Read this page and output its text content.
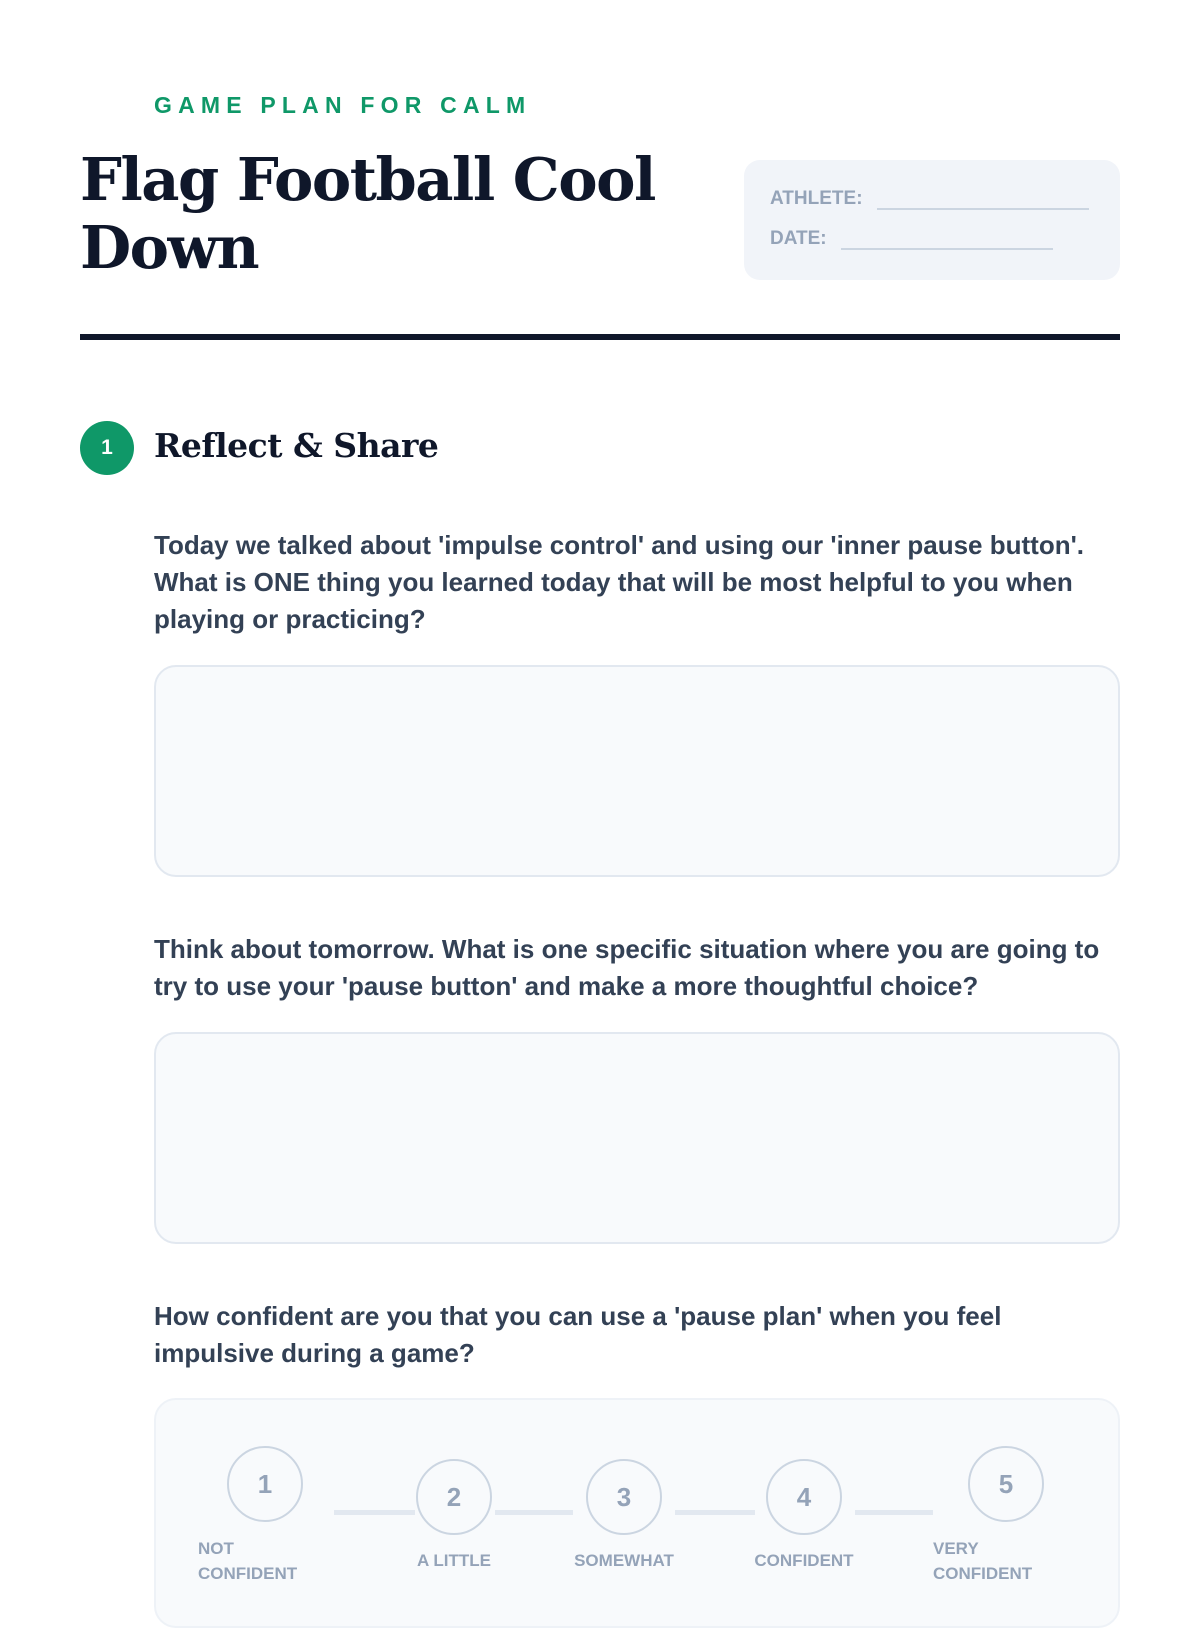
GAME PLAN FOR CALM
Flag Football Cool Down
ATHLETE:
DATE:
1	Reflect & Share

Today we talked about 'impulse control' and using our 'inner pause button'. What is ONE thing you learned today that will be most helpful to you when playing or practicing?

Think about tomorrow. What is one specific situation where you are going to try to use your 'pause button' and make a more thoughtful choice?

How confident are you that you can use a 'pause plan' when you feel impulsive during a game?

1	2	3	4	5
NOT CONFIDENT
A LITTLE	SOMEWHAT	CONFIDENT
VERY CONFIDENT
